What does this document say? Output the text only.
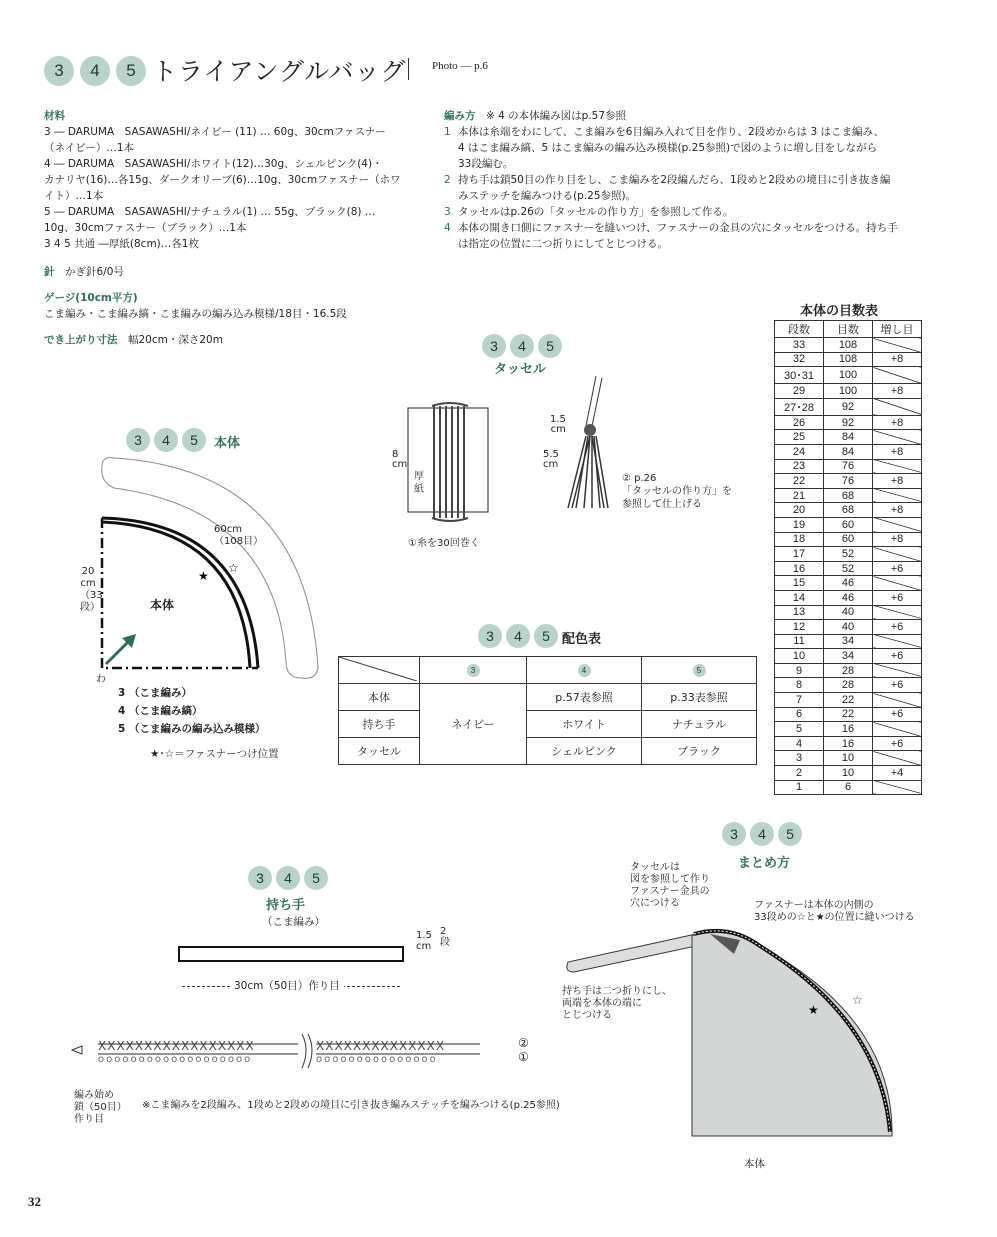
3 4 5 トライアングルバッグ Photo ― p.6
材料
3 ― DARUMA　SASAWASHI/ネイビー (11) … 60g、30cmファスナー
（ネイビー）…1本
4 ― DARUMA　SASAWASHI/ホワイト(12)…30g、シェルピンク(4)・
カナリヤ(16)…各15g、ダークオリーブ(6)…10g、30cmファスナー（ホワ
イト）…1本
5 ― DARUMA　SASAWASHI/ナチュラル(1) … 55g、ブラック(8) …
10g、30cmファスナー（ブラック）…1本
3 4 5 共通 ―厚紙(8cm)…各1枚
針　 かぎ針6/0号
ゲージ(10cm平方)
こま編み・こま編み縞・こま編みの編み込み模様/18目・16.5段
でき上がり寸法　 幅20cm・深さ20m
編み方　 ※ 4 の本体編み図はp.57参照
1 本体は糸端をわにして、こま編みを6目編み入れて目を作り、2段めからは 3 はこま編み、
4 はこま編み縞、5 はこま編みの編み込み模様(p.25参照)で図のように増し目をしながら
33段編む。
2 持ち手は鎖50目の作り目をし、こま編みを2段編んだら、1段めと2段めの境目に引き抜き編
みステッチを編みつける(p.25参照)。
3 タッセルはp.26の「タッセルの作り方」を参照して作る。
4 本体の開き口側にファスナーを縫いつけ、ファスナーの金具の穴にタッセルをつける。持ち手
は指定の位置に二つ折りにしてとじつける。
3 4 5
タッセル
1.5
cm
5.5
cm
8
cm
厚紙
①糸を30回巻く
② p.26
「タッセルの作り方」を
参照して仕上げる
3 4 5	本体
★
☆
60cm
（108目）
20
cm
（33
段）	本体
わ
3 （こま編み）
4 （こま編み縞）
5 （こま編みの編み込み模様）
★･☆＝ファスナーつけ位置
3 4 5 配色表
	3	4	5
本体	ネイビー	p.57表参照	p.33表参照
持ち手		ホワイト	ナチュラル
タッセル		シェルピンク	ブラック
本体の目数表
段数	目数	増し目
33	108	
32	108	+8
30･31	100	
29	100	+8
27･28	92	
26	92	+8
25	84	
24	84	+8
23	76	
22	76	+8
21	68	
20	68	+8
19	60	
18	60	+8
17	52	
16	52	+6
15	46	
14	46	+6
13	40	
12	40	+6
11	34	
10	34	+6
9	28	
8	28	+6
7	22	
6	22	+6
5	16	
4	16	+6
3	10	
2	10	+4
1	6	
3 4 5
持ち手
（こま編み）
1.5
cm
2
段
30cm（50目）作り目
XXXXXXXXXXXXXXXXX	XXXXXXXXXXXXXX
ooooooooooooooooooo	ooooooooooooooo
②
①
編み始め
鎖（50目）
作り目
※こま編みを2段編み、1段めと2段めの境目に引き抜き編みステッチを編みつける(p.25参照)
3 4 5
まとめ方
★
☆
タッセルは
図を参照して作り
ファスナー金具の
穴につける	ファスナーは本体の内側の
33段めの☆と★の位置に縫いつける
持ち手は二つ折りにし、
両端を本体の端に
とじつける
本体
32
